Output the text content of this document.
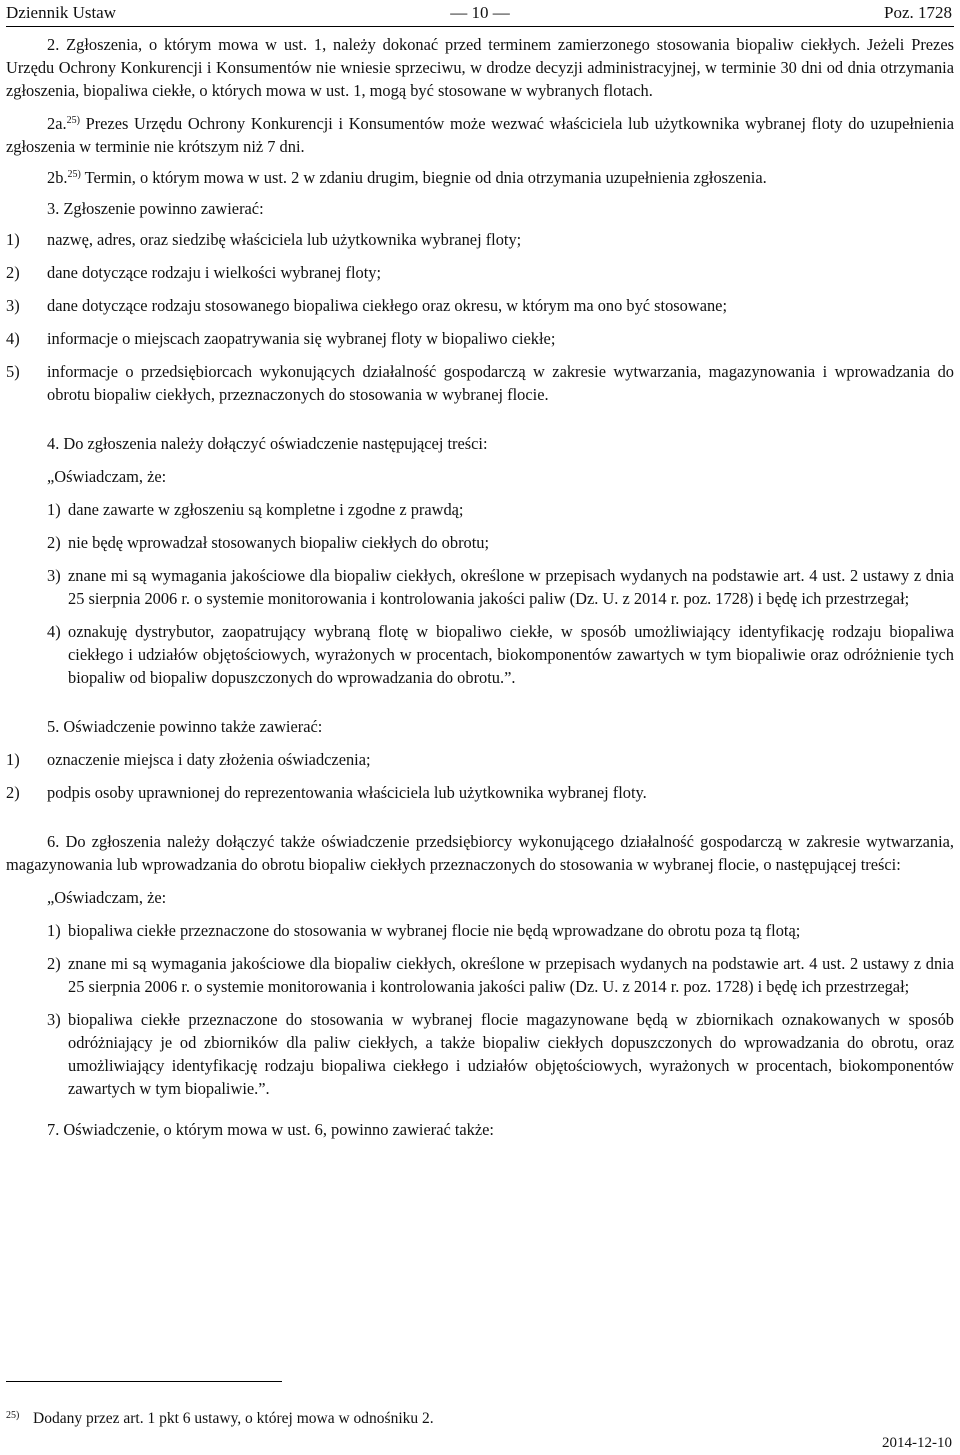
Dziennik Ustaw	— 10 —	Poz. 1728

2. Zgłoszenia, o którym mowa w ust. 1, należy dokonać przed terminem zamierzonego stosowania biopaliw ciekłych. Jeżeli Prezes Urzędu Ochrony Konkurencji i Konsumentów nie wniesie sprzeciwu, w drodze decyzji administracyjnej, w terminie 30 dni od dnia otrzymania zgłoszenia, biopaliwa ciekłe, o których mowa w ust. 1, mogą być stosowane w wybranych flotach.

2a.$^{25)}$ Prezes Urzędu Ochrony Konkurencji i Konsumentów może wezwać właściciela lub użytkownika wybranej floty do uzupełnienia zgłoszenia w terminie nie krótszym niż 7 dni.

2b.$^{25)}$ Termin, o którym mowa w ust. 2 w zdaniu drugim, biegnie od dnia otrzymania uzupełnienia zgłoszenia.

3. Zgłoszenie powinno zawierać:

1) nazwę, adres, oraz siedzibę właściciela lub użytkownika wybranej floty;

2) dane dotyczące rodzaju i wielkości wybranej floty;

3) dane dotyczące rodzaju stosowanego biopaliwa ciekłego oraz okresu, w którym ma ono być stosowane;

4) informacje o miejscach zaopatrywania się wybranej floty w biopaliwo ciekłe;

5) informacje o przedsiębiorcach wykonujących działalność gospodarczą w zakresie wytwarzania, magazynowania i wprowadzania do obrotu biopaliw ciekłych, przeznaczonych do stosowania w wybranej flocie.

4. Do zgłoszenia należy dołączyć oświadczenie następującej treści:

„Oświadczam, że:

1) dane zawarte w zgłoszeniu są kompletne i zgodne z prawdą;

2) nie będę wprowadzał stosowanych biopaliw ciekłych do obrotu;

3) znane mi są wymagania jakościowe dla biopaliw ciekłych, określone w przepisach wydanych na podstawie art. 4 ust. 2 ustawy z dnia 25 sierpnia 2006 r. o systemie monitorowania i kontrolowania jakości paliw (Dz. U. z 2014 r. poz. 1728) i będę ich przestrzegał;

4) oznakuję dystrybutor, zaopatrujący wybraną flotę w biopaliwo ciekłe, w sposób umożliwiający identyfikację rodzaju biopaliwa ciekłego i udziałów objętościowych, wyrażonych w procentach, biokomponentów zawartych w tym biopaliwie oraz odróżnienie tych biopaliw od biopaliw dopuszczonych do wprowadzania do obrotu.”.

5. Oświadczenie powinno także zawierać:

1) oznaczenie miejsca i daty złożenia oświadczenia;

2) podpis osoby uprawnionej do reprezentowania właściciela lub użytkownika wybranej floty.

6. Do zgłoszenia należy dołączyć także oświadczenie przedsiębiorcy wykonującego działalność gospodarczą w zakresie wytwarzania, magazynowania lub wprowadzania do obrotu biopaliw ciekłych przeznaczonych do stosowania w wybranej flocie, o następującej treści:

„Oświadczam, że:

1) biopaliwa ciekłe przeznaczone do stosowania w wybranej flocie nie będą wprowadzane do obrotu poza tą flotą;

2) znane mi są wymagania jakościowe dla biopaliw ciekłych, określone w przepisach wydanych na podstawie art. 4 ust. 2 ustawy z dnia 25 sierpnia 2006 r. o systemie monitorowania i kontrolowania jakości paliw (Dz. U. z 2014 r. poz. 1728) i będę ich przestrzegał;

3) biopaliwa ciekłe przeznaczone do stosowania w wybranej flocie magazynowane będą w zbiornikach oznakowanych w sposób odróżniający je od zbiorników dla paliw ciekłych, a także biopaliw ciekłych dopuszczonych do wprowadzania do obrotu, oraz umożliwiający identyfikację rodzaju biopaliwa ciekłego i udziałów objętościowych, wyrażonych w procentach, biokomponentów zawartych w tym biopaliwie.”.

7. Oświadczenie, o którym mowa w ust. 6, powinno zawierać także:

25) Dodany przez art. 1 pkt 6 ustawy, o której mowa w odnośniku 2.
2014-12-10
